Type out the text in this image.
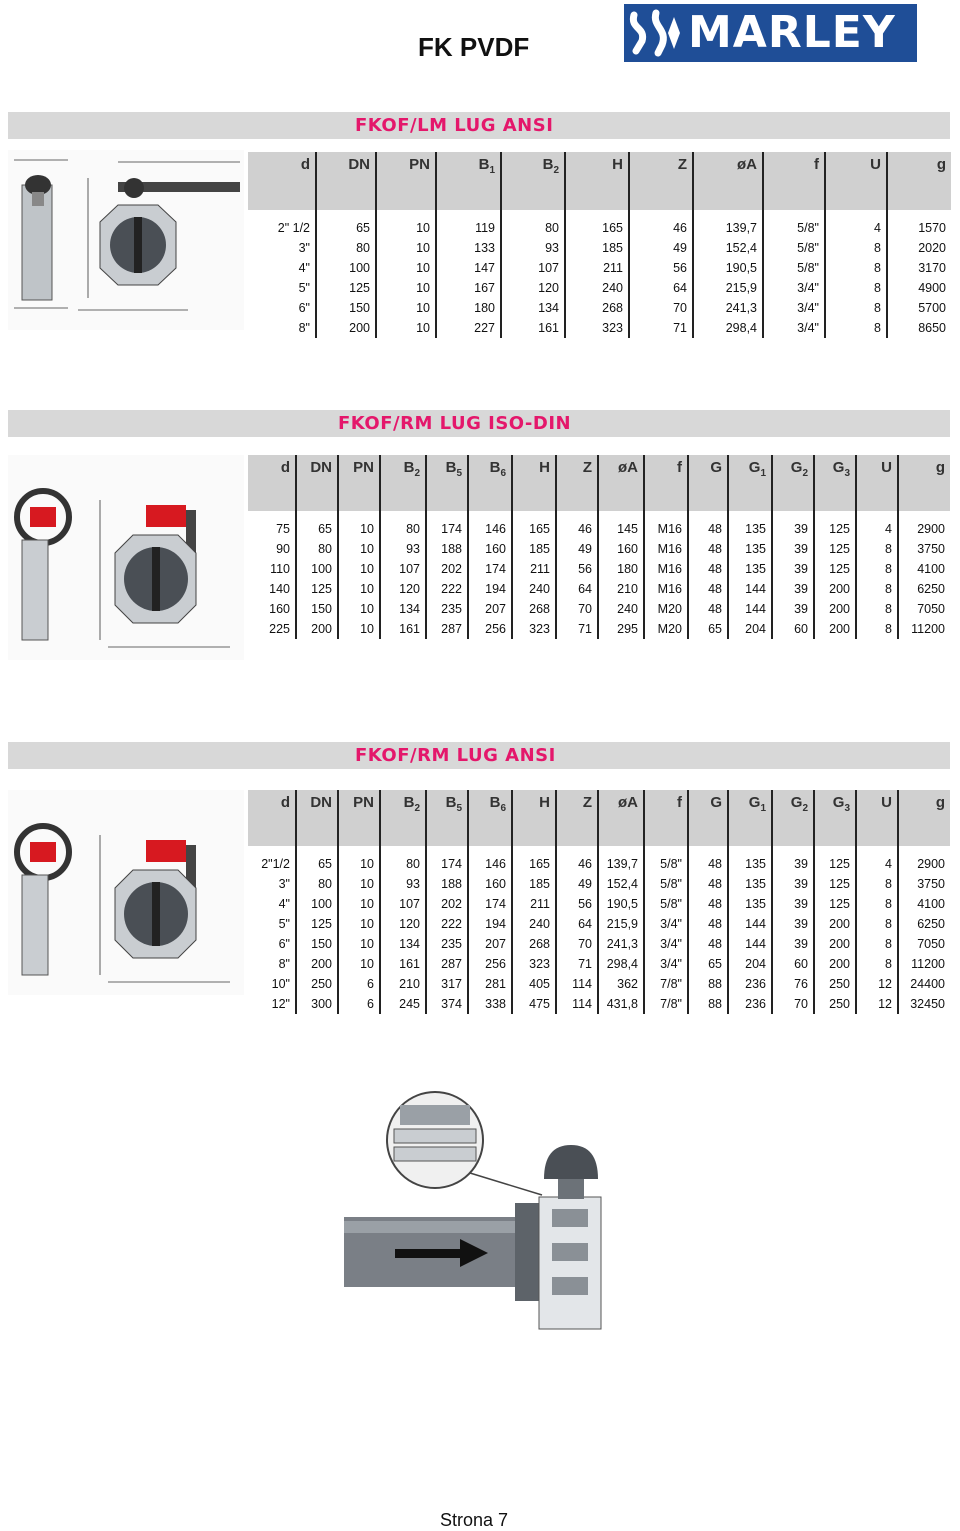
FK PVDF	MARLEY
FKOF/LM LUG ANSI
d	DN	PN	$B_1$	$B_2$	H	Z	øA	f	U	g

2" 1/2	65	10	119	80	165	46	139,7	5/8"	4	1570
3"	80	10	133	93	185	49	152,4	5/8"	8	2020
4"	100	10	147	107	211	56	190,5	5/8"	8	3170
5"	125	10	167	120	240	64	215,9	3/4"	8	4900
6"	150	10	180	134	268	70	241,3	3/4"	8	5700
8"	200	10	227	161	323	71	298,4	3/4"	8	8650
FKOF/RM LUG ISO-DIN
d	DN	PN	$B_2$	$B_5$	$B_6$	H	Z	øA	f	G	$G_1$	$G_2$	$G_3$	U	g

75	65	10	80	174	146	165	46	145	M16	48	135	39	125	4	2900
90	80	10	93	188	160	185	49	160	M16	48	135	39	125	8	3750
110	100	10	107	202	174	211	56	180	M16	48	135	39	125	8	4100
140	125	10	120	222	194	240	64	210	M16	48	144	39	200	8	6250
160	150	10	134	235	207	268	70	240	M20	48	144	39	200	8	7050
225	200	10	161	287	256	323	71	295	M20	65	204	60	200	8	11200
FKOF/RM LUG ANSI
d	DN	PN	$B_2$	$B_5$	$B_6$	H	Z	øA	f	G	$G_1$	$G_2$	$G_3$	U	g

2"1/2	65	10	80	174	146	165	46	139,7	5/8"	48	135	39	125	4	2900
3"	80	10	93	188	160	185	49	152,4	5/8"	48	135	39	125	8	3750
4"	100	10	107	202	174	211	56	190,5	5/8"	48	135	39	125	8	4100
5"	125	10	120	222	194	240	64	215,9	3/4"	48	144	39	200	8	6250
6"	150	10	134	235	207	268	70	241,3	3/4"	48	144	39	200	8	7050
8"	200	10	161	287	256	323	71	298,4	3/4"	65	204	60	200	8	11200
10"	250	6	210	317	281	405	114	362	7/8"	88	236	76	250	12	24400
12"	300	6	245	374	338	475	114	431,8	7/8"	88	236	70	250	12	32450
Strona 7
